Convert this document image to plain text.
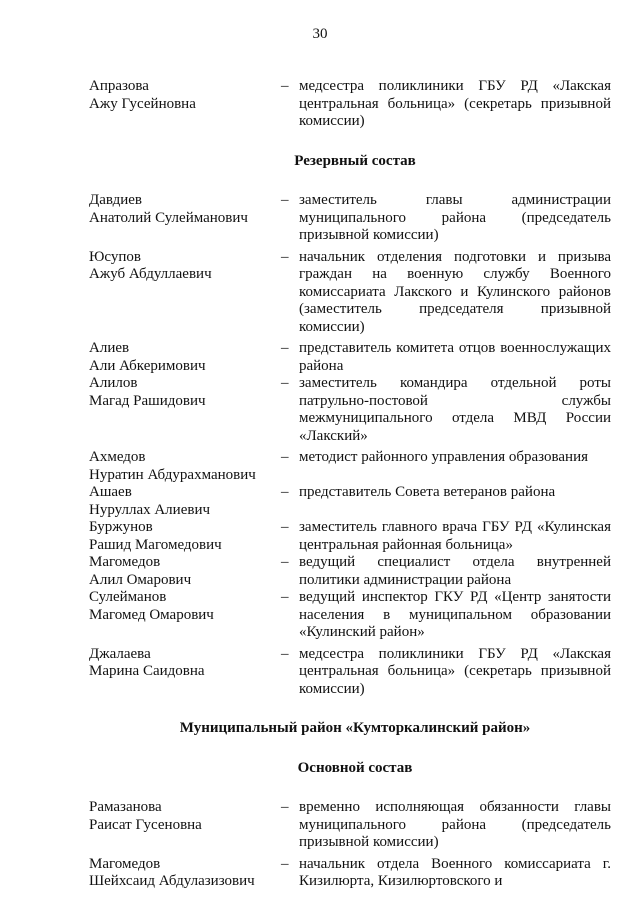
30
Апразова
Ажу Гусейновна
– медсестра поликлиники ГБУ РД «Лакская центральная больница» (секретарь призывной комиссии)
Резервный состав
Давдиев
Анатолий Сулейманович
– заместитель главы администрации муниципального района (председатель призывной комиссии)
Юсупов
Ажуб Абдуллаевич
– начальник отделения подготовки и призыва граждан на военную службу Военного комиссариата Лакского и Кулинского районов (заместитель председателя призывной комиссии)
Алиев
Али Абкеримович
– представитель комитета отцов военнослужащих района
Алилов
Магад Рашидович
– заместитель командира отдельной роты патрульно-постовой службы межмуниципального отдела МВД России «Лакский»
Ахмедов
Нуратин Абдурахманович
– методист районного управления образования
Ашаев
Нуруллах Алиевич
– представитель Совета ветеранов района
Буржунов
Рашид Магомедович
– заместитель главного врача ГБУ РД «Кулинская центральная районная больница»
Магомедов
Алил Омарович
– ведущий специалист отдела внутренней политики администрации района
Сулейманов
Магомед Омарович
– ведущий инспектор ГКУ РД «Центр занятости населения в муниципальном образовании «Кулинский район»
Джалаева
Марина Саидовна
– медсестра поликлиники ГБУ РД «Лакская центральная больница» (секретарь призывной комиссии)
Муниципальный район «Кумторкалинский район»
Основной состав
Рамазанова
Раисат Гусеновна
– временно исполняющая обязанности главы муниципального района (председатель призывной комиссии)
Магомедов
Шейхсаид Абдулазизович
– начальник отдела Военного комиссариата г. Кизилюрта, Кизилюртовского и
